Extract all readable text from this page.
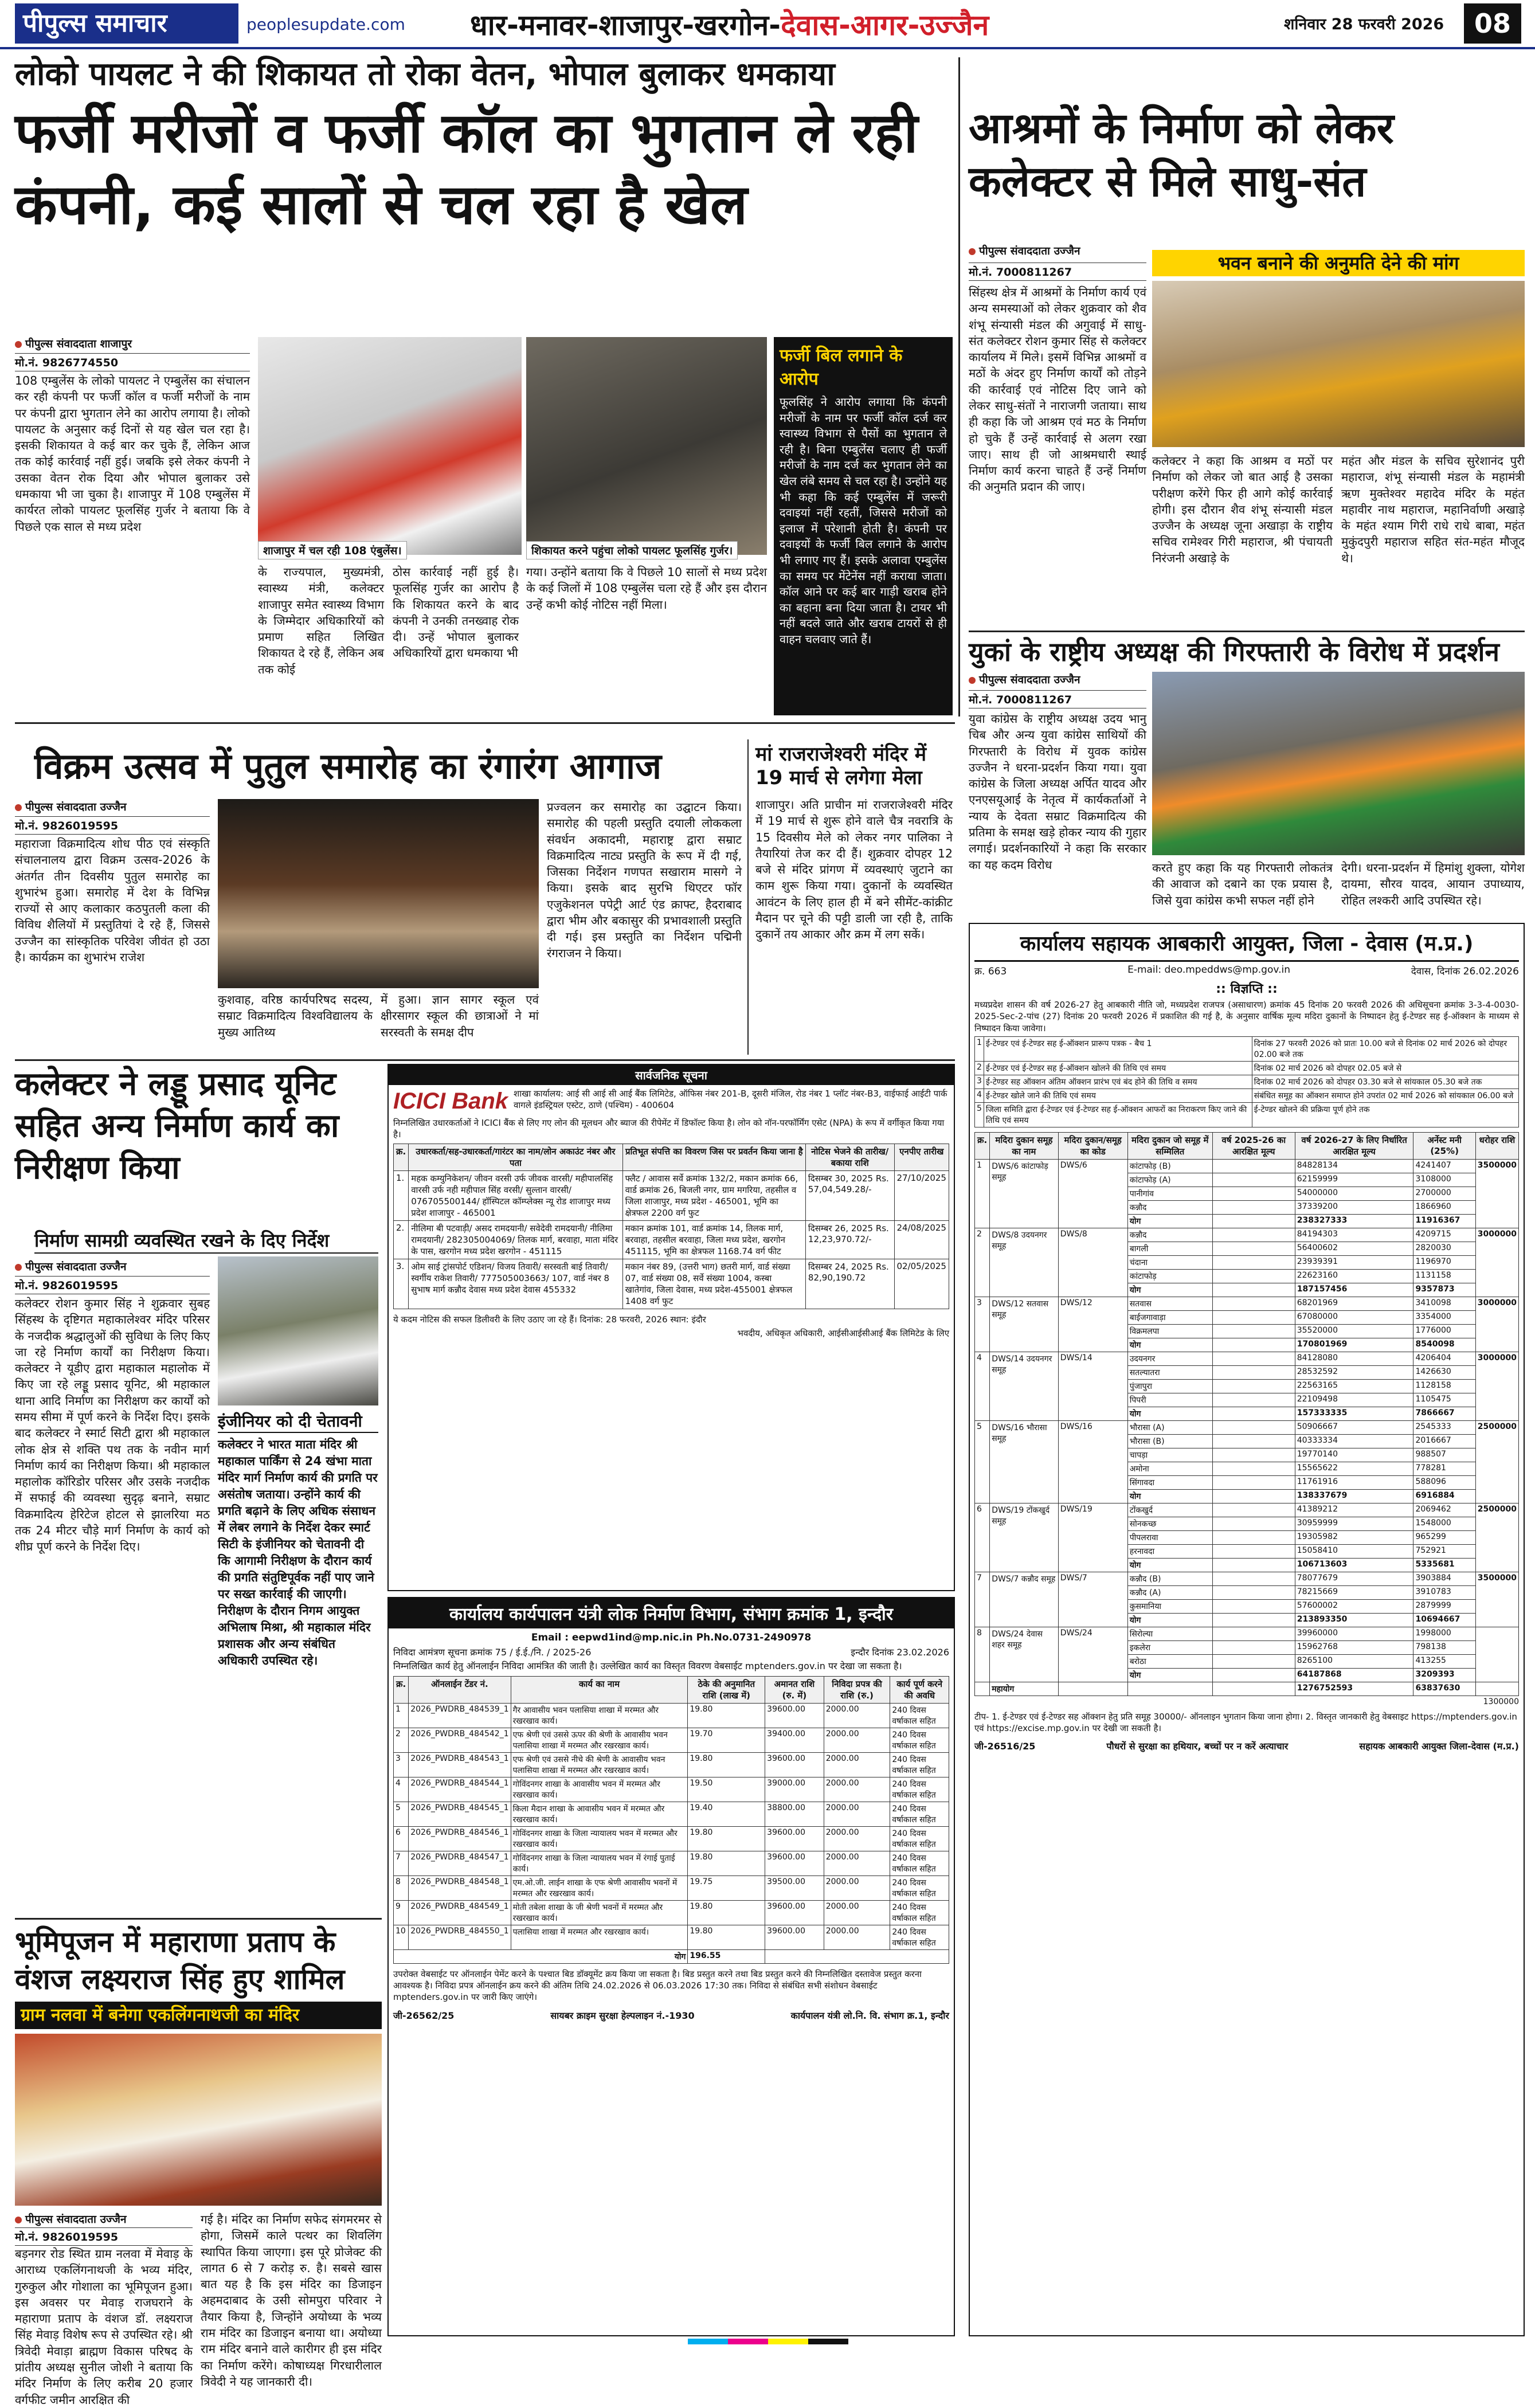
पीपुल्स समाचार	peoplesupdate.com धार-मनावर-शाजापुर-खरगोन-देवास-आगर-उज्जैन	शनिवार 28 फरवरी 2026	08
लोको पायलट ने की शिकायत तो रोका वेतन, भोपाल बुलाकर धमकाया
फर्जी मरीजों व फर्जी कॉल का भुगतान ले रही कंपनी, कई सालों से चल रहा है खेल
पीपुल्स संवाददाता शाजापुर
मो.नं. 9826774550
108 एम्बुलेंस के लोको पायलट ने एम्बुलेंस का संचालन कर रही कंपनी पर फर्जी कॉल व फर्जी मरीजों के नाम पर कंपनी द्वारा भुगतान लेने का आरोप लगाया है। लोको पायलट के अनुसार कई दिनों से यह खेल चल रहा है। इसकी शिकायत वे कई बार कर चुके हैं, लेकिन आज तक कोई कार्रवाई नहीं हुई। जबकि इसे लेकर कंपनी ने उसका वेतन रोक दिया और भोपाल बुलाकर उसे धमकाया भी जा चुका है। शाजापुर में 108 एम्बुलेंस में कार्यरत लोको पायलट फूलसिंह गुर्जर ने बताया कि वे पिछले एक साल से मध्य प्रदेश
शाजापुर में चल रही 108 एंबुलेंस।	शिकायत करने पहुंचा लोको पायलट फूलसिंह गुर्जर।
के राज्यपाल, मुख्यमंत्री, स्वास्थ्य मंत्री, कलेक्टर शाजापुर समेत स्वास्थ्य विभाग के जिम्मेदार अधिकारियों को प्रमाण सहित लिखित शिकायत दे रहे हैं, लेकिन अब तक कोई
ठोस कार्रवाई नहीं हुई है। फूलसिंह गुर्जर का आरोप है कि शिकायत करने के बाद कंपनी ने उनकी तनख्वाह रोक दी। उन्हें भोपाल बुलाकर अधिकारियों द्वारा धमकाया भी
गया। उन्होंने बताया कि वे पिछले 10 सालों से मध्य प्रदेश के कई जिलों में 108 एम्बुलेंस चला रहे हैं और इस दौरान उन्हें कभी कोई नोटिस नहीं मिला।
फर्जी बिल लगाने के आरोप
फूलसिंह ने आरोप लगाया कि कंपनी मरीजों के नाम पर फर्जी कॉल दर्ज कर स्वास्थ्य विभाग से पैसों का भुगतान ले रही है। बिना एम्बुलेंस चलाए ही फर्जी मरीजों के नाम दर्ज कर भुगतान लेने का खेल लंबे समय से चल रहा है। उन्होंने यह भी कहा कि कई एम्बुलेंस में जरूरी दवाइयां नहीं रहतीं, जिससे मरीजों को इलाज में परेशानी होती है। कंपनी पर दवाइयों के फर्जी बिल लगाने के आरोप भी लगाए गए हैं। इसके अलावा एम्बुलेंस का समय पर मेंटेनेंस नहीं कराया जाता। कॉल आने पर कई बार गाड़ी खराब होने का बहाना बना दिया जाता है। टायर भी नहीं बदले जाते और खराब टायरों से ही वाहन चलवाए जाते हैं।
आश्रमों के निर्माण को लेकर कलेक्टर से मिले साधु-संत
पीपुल्स संवाददाता उज्जैन
मो.नं. 7000811267	भवन बनाने की अनुमति देने की मांग
सिंहस्थ क्षेत्र में आश्रमों के निर्माण कार्य एवं अन्य समस्याओं को लेकर शुक्रवार को शैव शंभू संन्यासी मंडल की अगुवाई में साधु-संत कलेक्टर रोशन कुमार सिंह से कलेक्टर कार्यालय में मिले। इसमें विभिन्न आश्रमों व मठों के अंदर हुए निर्माण कार्यों को तोड़ने की कार्रवाई एवं नोटिस दिए जाने को लेकर साधु-संतों ने नाराजगी जताया। साथ ही कहा कि जो आश्रम एवं मठ के निर्माण हो चुके हैं उन्हें कार्रवाई से अलग रखा जाए। साथ ही जो आश्रमधारी स्थाई निर्माण कार्य करना चाहते हैं उन्हें निर्माण की अनुमति प्रदान की जाए।
कलेक्टर ने कहा कि आश्रम व मठों पर निर्माण को लेकर जो बात आई है उसका परीक्षण करेंगे फिर ही आगे कोई कार्रवाई होगी। इस दौरान शैव शंभू संन्यासी मंडल उज्जैन के अध्यक्ष जूना अखाड़ा के राष्ट्रीय सचिव रामेश्वर गिरी महाराज, श्री पंचायती निरंजनी अखाड़े के
महंत और मंडल के सचिव सुरेशानंद पुरी महाराज, शंभू संन्यासी मंडल के महामंत्री ऋण मुक्तेश्वर महादेव मंदिर के महंत महावीर नाथ महाराज, महानिर्वाणी अखाड़े के महंत श्याम गिरी राधे राधे बाबा, महंत मुकुंदपुरी महाराज सहित संत-महंत मौजूद थे।
युकां के राष्ट्रीय अध्यक्ष की गिरफ्तारी के विरोध में प्रदर्शन
पीपुल्स संवाददाता उज्जैन
मो.नं. 7000811267
युवा कांग्रेस के राष्ट्रीय अध्यक्ष उदय भानु चिब और अन्य युवा कांग्रेस साथियों की गिरफ्तारी के विरोध में युवक कांग्रेस उज्जैन ने धरना-प्रदर्शन किया गया। युवा कांग्रेस के जिला अध्यक्ष अर्पित यादव और एनएसयूआई के नेतृत्व में कार्यकर्ताओं ने न्याय के देवता सम्राट विक्रमादित्य की प्रतिमा के समक्ष खड़े होकर न्याय की गुहार लगाई। प्रदर्शनकारियों ने कहा कि सरकार का यह कदम विरोध	करते हुए कहा कि यह गिरफ्तारी लोकतंत्र की आवाज को दबाने का एक प्रयास है, जिसे युवा कांग्रेस कभी सफल नहीं होने
देगी। धरना-प्रदर्शन में हिमांशु शुक्ला, योगेश दायमा, सौरव यादव, आयान उपाध्याय, रोहित लश्करी आदि उपस्थित रहे।
विक्रम उत्सव में पुतुल समारोह का रंगारंग आगाज
पीपुल्स संवाददाता उज्जैन
मो.नं. 9826019595
महाराजा विक्रमादित्य शोध पीठ एवं संस्कृति संचालनालय द्वारा विक्रम उत्सव-2026 के अंतर्गत तीन दिवसीय पुतुल समारोह का शुभारंभ हुआ। समारोह में देश के विभिन्न राज्यों से आए कलाकार कठपुतली कला की विविध शैलियों में प्रस्तुतियां दे रहे हैं, जिससे उज्जैन का सांस्कृतिक परिवेश जीवंत हो उठा है। कार्यक्रम का शुभारंभ राजेश
कुशवाह, वरिष्ठ कार्यपरिषद सदस्य, सम्राट विक्रमादित्य विश्वविद्यालय के मुख्य आतिथ्य
में हुआ। ज्ञान सागर स्कूल एवं क्षीरसागर स्कूल की छात्राओं ने मां सरस्वती के समक्ष दीप
प्रज्वलन कर समारोह का उद्घाटन किया। समारोह की पहली प्रस्तुति दयाली लोककला संवर्धन अकादमी, महाराष्ट्र द्वारा सम्राट विक्रमादित्य नाट्य प्रस्तुति के रूप में दी गई, जिसका निर्देशन गणपत सखाराम मासगे ने किया। इसके बाद सुरभि थिएटर फॉर एजुकेशनल पपेट्री आर्ट एंड क्राफ्ट, हैदराबाद द्वारा भीम और बकासुर की प्रभावशाली प्रस्तुति दी गई। इस प्रस्तुति का निर्देशन पद्मिनी रंगराजन ने किया।
मां राजराजेश्वरी मंदिर में 19 मार्च से लगेगा मेला
शाजापुर। अति प्राचीन मां राजराजेश्वरी मंदिर में 19 मार्च से शुरू होने वाले चैत्र नवरात्रि के 15 दिवसीय मेले को लेकर नगर पालिका ने तैयारियां तेज कर दी हैं। शुक्रवार दोपहर 12 बजे से मंदिर प्रांगण में व्यवस्थाएं जुटाने का काम शुरू किया गया। दुकानों के व्यवस्थित आवंटन के लिए हाल ही में बने सीमेंट-कांक्रीट मैदान पर चूने की पट्टी डाली जा रही है, ताकि दुकानें तय आकार और क्रम में लग सकें।
कलेक्टर ने लड्डू प्रसाद यूनिट सहित अन्य निर्माण कार्य का निरीक्षण किया
निर्माण सामग्री व्यवस्थित रखने के दिए निर्देश
पीपुल्स संवाददाता उज्जैन
मो.नं. 9826019595
कलेक्टर रोशन कुमार सिंह ने शुक्रवार सुबह सिंहस्थ के दृष्टिगत महाकालेश्वर मंदिर परिसर के नजदीक श्रद्धालुओं की सुविधा के लिए किए जा रहे निर्माण कार्यों का निरीक्षण किया। कलेक्टर ने यूडीए द्वारा महाकाल महालोक में किए जा रहे लड्डू प्रसाद यूनिट, श्री महाकाल थाना आदि निर्माण का निरीक्षण कर कार्यों को समय सीमा में पूर्ण करने के निर्देश दिए। इसके बाद कलेक्टर ने स्मार्ट सिटी द्वारा श्री महाकाल लोक क्षेत्र से शक्ति पथ तक के नवीन मार्ग निर्माण कार्य का निरीक्षण किया। श्री महाकाल महालोक कॉरिडोर परिसर और उसके नजदीक में सफाई की व्यवस्था सुदृढ़ बनाने, सम्राट विक्रमादित्य हेरिटेज होटल से झालरिया मठ तक 24 मीटर चौड़े मार्ग निर्माण के कार्य को शीघ्र पूर्ण करने के निर्देश दिए।
इंजीनियर को दी चेतावनी
कलेक्टर ने भारत माता मंदिर श्री महाकाल पार्किंग से 24 खंभा माता मंदिर मार्ग निर्माण कार्य की प्रगति पर असंतोष जताया। उन्होंने कार्य की प्रगति बढ़ाने के लिए अधिक संसाधन में लेबर लगाने के निर्देश देकर स्मार्ट सिटी के इंजीनियर को चेतावनी दी कि आगामी निरीक्षण के दौरान कार्य की प्रगति संतुष्टिपूर्वक नहीं पाए जाने पर सख्त कार्रवाई की जाएगी। निरीक्षण के दौरान निगम आयुक्त अभिलाष मिश्रा, श्री महाकाल मंदिर प्रशासक और अन्य संबंधित अधिकारी उपस्थित रहे।
भूमिपूजन में महाराणा प्रताप के वंशज लक्ष्यराज सिंह हुए शामिल
ग्राम नलवा में बनेगा एकलिंगनाथजी का मंदिर
पीपुल्स संवाददाता उज्जैन
मो.नं. 9826019595
बड़नगर रोड स्थित ग्राम नलवा में मेवाड़ के आराध्य एकलिंगनाथजी के भव्य मंदिर, गुरुकुल और गोशाला का भूमिपूजन हुआ। इस अवसर पर मेवाड़ राजघराने के महाराणा प्रताप के वंशज डॉ. लक्ष्यराज सिंह मेवाड़ विशेष रूप से उपस्थित रहे। श्री त्रिवेदी मेवाड़ा ब्राह्मण विकास परिषद के प्रांतीय अध्यक्ष सुनील जोशी ने बताया कि मंदिर निर्माण के लिए करीब 20 हजार वर्गफीट जमीन आरक्षित की
गई है। मंदिर का निर्माण सफेद संगमरमर से होगा, जिसमें काले पत्थर का शिवलिंग स्थापित किया जाएगा। इस पूरे प्रोजेक्ट की लागत 6 से 7 करोड़ रु. है। सबसे खास बात यह है कि इस मंदिर का डिजाइन अहमदाबाद के उसी सोमपुरा परिवार ने तैयार किया है, जिन्होंने अयोध्या के भव्य राम मंदिर का डिजाइन बनाया था। अयोध्या राम मंदिर बनाने वाले कारीगर ही इस मंदिर का निर्माण करेंगे। कोषाध्यक्ष गिरधारीलाल त्रिवेदी ने यह जानकारी दी।
सार्वजनिक सूचना
ICICI Bank शाखा कार्यालय: आई सी आई सी आई बैंक लिमिटेड, ऑफिस नंबर 201-B, दूसरी मंजिल, रोड नंबर 1 प्लॉट नंबर-B3, वाईफाई आईटी पार्क वागले इंडस्ट्रियल एस्टेट, ठाणे (पश्चिम) - 400604
निम्नलिखित उधारकर्ताओं ने ICICI बैंक से लिए गए लोन की मूलधन और ब्याज की रीपेमेंट में डिफॉल्ट किया है। लोन को नॉन-परफॉर्मिंग एसेट (NPA) के रूप में वर्गीकृत किया गया है।
क्र.	उधारकर्ता/सह-उधारकर्ता/गारंटर का नाम/लोन अकाउंट नंबर और पता	प्रतिभूत संपत्ति का विवरण जिस पर प्रवर्तन किया जाना है	नोटिस भेजने की तारीख/बकाया राशि	एनपीए तारीख
1.	महक कम्युनिकेशन/ जीवन वरसी उर्फ जीवक वारसी/ महीपालसिंह वारसी उर्फ नही महीपाल सिंह वरसी/ सुल्तान वारसी/ 076705500144/ हॉस्पिटल कॉम्प्लेक्स न्यू रोड शाजापुर मध्य प्रदेश शाजापुर - 465001	फ्लैट / आवास सर्वे क्रमांक 132/2, मकान क्रमांक 66, वार्ड क्रमांक 26, बिजली नगर, ग्राम मगरिया, तहसील व जिला शाजापुर, मध्य प्रदेश - 465001, भूमि का क्षेत्रफल 2200 वर्ग फुट	दिसम्बर 30, 2025 Rs. 57,04,549.28/-	27/10/2025
2.	नीलिमा बी पटवाड़ी/ असद रामदयानी/ सवेदेवी रामदयानी/ नीलिमा रामदयानी/ 282305004069/ तिलक मार्ग, बरवाहा, माता मंदिर के पास, खरगोन मध्य प्रदेश खरगोन - 451115	मकान क्रमांक 101, वार्ड क्रमांक 14, तिलक मार्ग, बरवाहा, तहसील बरवाहा, जिला मध्य प्रदेश, खरगोन 451115, भूमि का क्षेत्रफल 1168.74 वर्ग फीट	दिसम्बर 26, 2025 Rs. 12,23,970.72/-	24/08/2025
3.	ओम साई ट्रांसपोर्ट एडिशन/ विजय तिवारी/ सरस्वती बाई तिवारी/ स्वर्गीय राकेश तिवारी/ 777505003663/ 107, वार्ड नंबर 8 सुभाष मार्ग कन्नौद देवास मध्य प्रदेश देवास 455332	मकान नंबर 89, (उत्तरी भाग) छतरी मार्ग, वार्ड संख्या 07, वार्ड संख्या 08, सर्वे संख्या 1004, कस्बा खातेगांव, जिला देवास, मध्य प्रदेश-455001 क्षेत्रफल 1408 वर्ग फुट	दिसम्बर 24, 2025 Rs. 82,90,190.72	02/05/2025
ये कदम नोटिस की सफल डिलीवरी के लिए उठाए जा रहे हैं। दिनांक: 28 फरवरी, 2026 स्थान: इंदौर
भवदीय, अधिकृत अधिकारी, आईसीआईसीआई बैंक लिमिटेड के लिए
कार्यालय कार्यपालन यंत्री लोक निर्माण विभाग, संभाग क्रमांक 1, इन्दौर
Email : eepwd1ind@mp.nic.in Ph.No.0731-2490978
निविदा आमंत्रण सूचना क्रमांक 75 / ई.ई./नि. / 2025-26	इन्दौर दिनांक 23.02.2026
निम्नलिखित कार्य हेतु ऑनलाईन निविदा आमंत्रित की जाती है। उल्लेखित कार्य का विस्तृत विवरण वेबसाईट mptenders.gov.in पर देखा जा सकता है।
क्र.	ऑनलाईन टेंडर नं.	कार्य का नाम	ठेके की अनुमानित राशि (लाख में)	अमानत राशि (रु. में)	निविदा प्रपत्र की राशि (रु.)	कार्य पूर्ण करने की अवधि
1	2026_PWDRB_484539_1	गैर आवासीय भवन पलासिया शाखा में मरम्मत और रखरखाव कार्य।	19.80	39600.00	2000.00	240 दिवस वर्षाकाल सहित
2	2026_PWDRB_484542_1	एफ श्रेणी एवं उससे ऊपर की श्रेणी के आवासीय भवन पलासिया शाखा में मरम्मत और रखरखाव कार्य।	19.70	39400.00	2000.00	240 दिवस वर्षाकाल सहित
3	2026_PWDRB_484543_1	एफ श्रेणी एवं उससे नीचे की श्रेणी के आवासीय भवन पलासिया शाखा में मरम्मत और रखरखाव कार्य।	19.80	39600.00	2000.00	240 दिवस वर्षाकाल सहित
4	2026_PWDRB_484544_1	गोविंदनगर शाखा के आवासीय भवन में मरम्मत और रखरखाव कार्य।	19.50	39000.00	2000.00	240 दिवस वर्षाकाल सहित
5	2026_PWDRB_484545_1	किला मैदान शाखा के आवासीय भवन में मरम्मत और रखरखाव कार्य।	19.40	38800.00	2000.00	240 दिवस वर्षाकाल सहित
6	2026_PWDRB_484546_1	गोविंदनगर शाखा के जिला न्यायालय भवन में मरम्मत और रखरखाव कार्य।	19.80	39600.00	2000.00	240 दिवस वर्षाकाल सहित
7	2026_PWDRB_484547_1	गोविंदनगर शाखा के जिला न्यायालय भवन में रंगाई पुताई कार्य।	19.80	39600.00	2000.00	240 दिवस वर्षाकाल सहित
8	2026_PWDRB_484548_1	एम.ओ.जी. लाईन शाखा के एफ श्रेणी आवासीय भवनों में मरम्मत और रखरखाव कार्य।	19.75	39500.00	2000.00	240 दिवस वर्षाकाल सहित
9	2026_PWDRB_484549_1	मोती तबेला शाखा के जी श्रेणी भवनों में मरम्मत और रखरखाव कार्य।	19.80	39600.00	2000.00	240 दिवस वर्षाकाल सहित
10	2026_PWDRB_484550_1	पलासिया शाखा में मरम्मत और रखरखाव कार्य।	19.80	39600.00	2000.00	240 दिवस वर्षाकाल सहित
योग			196.55			
उपरोक्त वेबसाईट पर ऑनलाईन पेमेंट करने के पश्चात बिड डॉक्यूमेंट क्रय किया जा सकता है। बिड प्रस्तुत करने तथा बिड प्रस्तुत करने की निम्नलिखित दस्तावेज प्रस्तुत करना आवश्यक है। निविदा प्रपत्र ऑनलाईन क्रय करने की अंतिम तिथि 24.02.2026 से 06.03.2026 17:30 तक। निविदा से संबंधित सभी संशोधन वेबसाईट mptenders.gov.in पर जारी किए जाएंगे।
जी-26562/25	सायबर क्राइम सुरक्षा हेल्पलाइन नं.-1930	कार्यपालन यंत्री लो.नि. वि. संभाग क्र.1, इन्दौर
कार्यालय सहायक आबकारी आयुक्त, जिला - देवास (म.प्र.)
क्र. 663	E-mail: deo.mpeddws@mp.gov.in	देवास, दिनांक 26.02.2026
:: विज्ञप्ति ::
मध्यप्रदेश शासन की वर्ष 2026-27 हेतु आबकारी नीति जो, मध्यप्रदेश राजपत्र (असाधारण) क्रमांक 45 दिनांक 20 फरवरी 2026 की अधिसूचना क्रमांक 3-3-4-0030-2025-Sec-2-पांच (27) दिनांक 20 फरवरी 2026 में प्रकाशित की गई है, के अनुसार वार्षिक मूल्य मदिरा दुकानों के निष्पादन हेतु ई-टेण्डर सह ई-ऑक्शन के माध्यम से निष्पादन किया जावेगा।
1	ई-टेण्डर एवं ई-टेण्डर सह ई-ऑक्शन प्रारूप पत्रक - बैच 1	दिनांक 27 फरवरी 2026 को प्रातः 10.00 बजे से दिनांक 02 मार्च 2026 को दोपहर 02.00 बजे तक
2	ई-टेण्डर एवं ई-टेण्डर सह ई-ऑक्शन खोलने की तिथि एवं समय	दिनांक 02 मार्च 2026 को दोपहर 02.05 बजे से
3	ई-टेण्डर सह ऑक्शन अंतिम ऑक्शन प्रारंभ एवं बंद होने की तिथि व समय	दिनांक 02 मार्च 2026 को दोपहर 03.30 बजे से सांयकाल 05.30 बजे तक
4	ई-टेण्डर खोले जाने की तिथि एवं समय	संबंधित समूह का ऑक्शन समाप्त होने उपरांत 02 मार्च 2026 को सांयकाल 06.00 बजे
5	जिला समिति द्वारा ई-टेण्डर एवं ई-टेण्डर सह ई-ऑक्शन आफरों का निराकरण किए जाने की तिथि एवं समय	ई-टेण्डर खोलने की प्रक्रिया पूर्ण होने तक
क्र.	मदिरा दुकान समूह का नाम	मदिरा दुकान/समूह का कोड	मदिरा दुकान जो समूह में सम्मिलित	वर्ष 2025-26 का आरक्षित मूल्य	वर्ष 2026-27 के लिए निर्धारित आरक्षित मूल्य	अर्नेस्ट मनी (25%)	धरोहर राशि
1	DWS/6 कांटाफोड़ समूह	DWS/6	कांटाफोड़ (B)		84828134	4241407	3500000
			कांटाफोड़ (A)		62159999	3108000	
			पानीगांव		54000000	2700000	
			कन्नौद		37339200	1866960	
			योग		238327333	11916367	
2	DWS/8 उदयनगर समूह	DWS/8	कन्नौद		84194303	4209715	3000000
			बागली		56400602	2820030	
			चंदाना		23939391	1196970	
			कांटाफोड़		22623160	1131158	
			योग		187157456	9357873	
3	DWS/12 सतवास समूह	DWS/12	सतवास		68201969	3410098	3000000
			बाईजगावाड़ा		67080000	3354000	
			विक्रमलपा		35520000	1776000	
			योग		170801969	8540098	
4	DWS/14 उदयनगर समूह	DWS/14	उदयनगर		84128080	4206404	3000000
			सतल्यातरा		28532592	1426630	
			पुंजापुरा		22563165	1128158	
			पिपरी		22109498	1105475	
			योग		157333335	7866667	
5	DWS/16 भौरासा समूह	DWS/16	भौरासा (A)		50906667	2545333	2500000
			भौरासा (B)		40333334	2016667	
			चापड़ा		19770140	988507	
			अमोना		15565622	778281	
			सिंगावदा		11761916	588096	
			योग		138337679	6916884	
6	DWS/19 टोंकखुर्द समूह	DWS/19	टोंकखुर्द		41389212	2069462	2500000
			सोनकच्छ		30959999	1548000	
			पीपलरावा		19305982	965299	
			हरनावदा		15058410	752921	
			योग		106713603	5335681	
7	DWS/7 कन्नौद समूह	DWS/7	कन्नौद (B)		78077679	3903884	3500000
			कन्नौद (A)		78215669	3910783	
			कुसमानिया		57600002	2879999	
			योग		213893350	10694667	
8	DWS/24 देवास शहर समूह	DWS/24	सिरोल्या		39960000	1998000	
			इकलेरा		15962768	798138	
			बरोठा		8265100	413255	
			योग		64187868	3209393	
	महायोग				1276752593	63837630	
1300000
टीप- 1. ई-टेण्डर एवं ई-टेण्डर सह ऑक्शन हेतु प्रति समूह 30000/- ऑनलाइन भुगतान किया जाना होगा। 2. विस्तृत जानकारी हेतु वेबसाइट https://mptenders.gov.in एवं https://excise.mp.gov.in पर देखी जा सकती है।
जी-26516/25	पौधरों से सुरक्षा का हथियार, बच्चों पर न करें अत्याचार	सहायक आबकारी आयुक्त जिला-देवास (म.प्र.)
